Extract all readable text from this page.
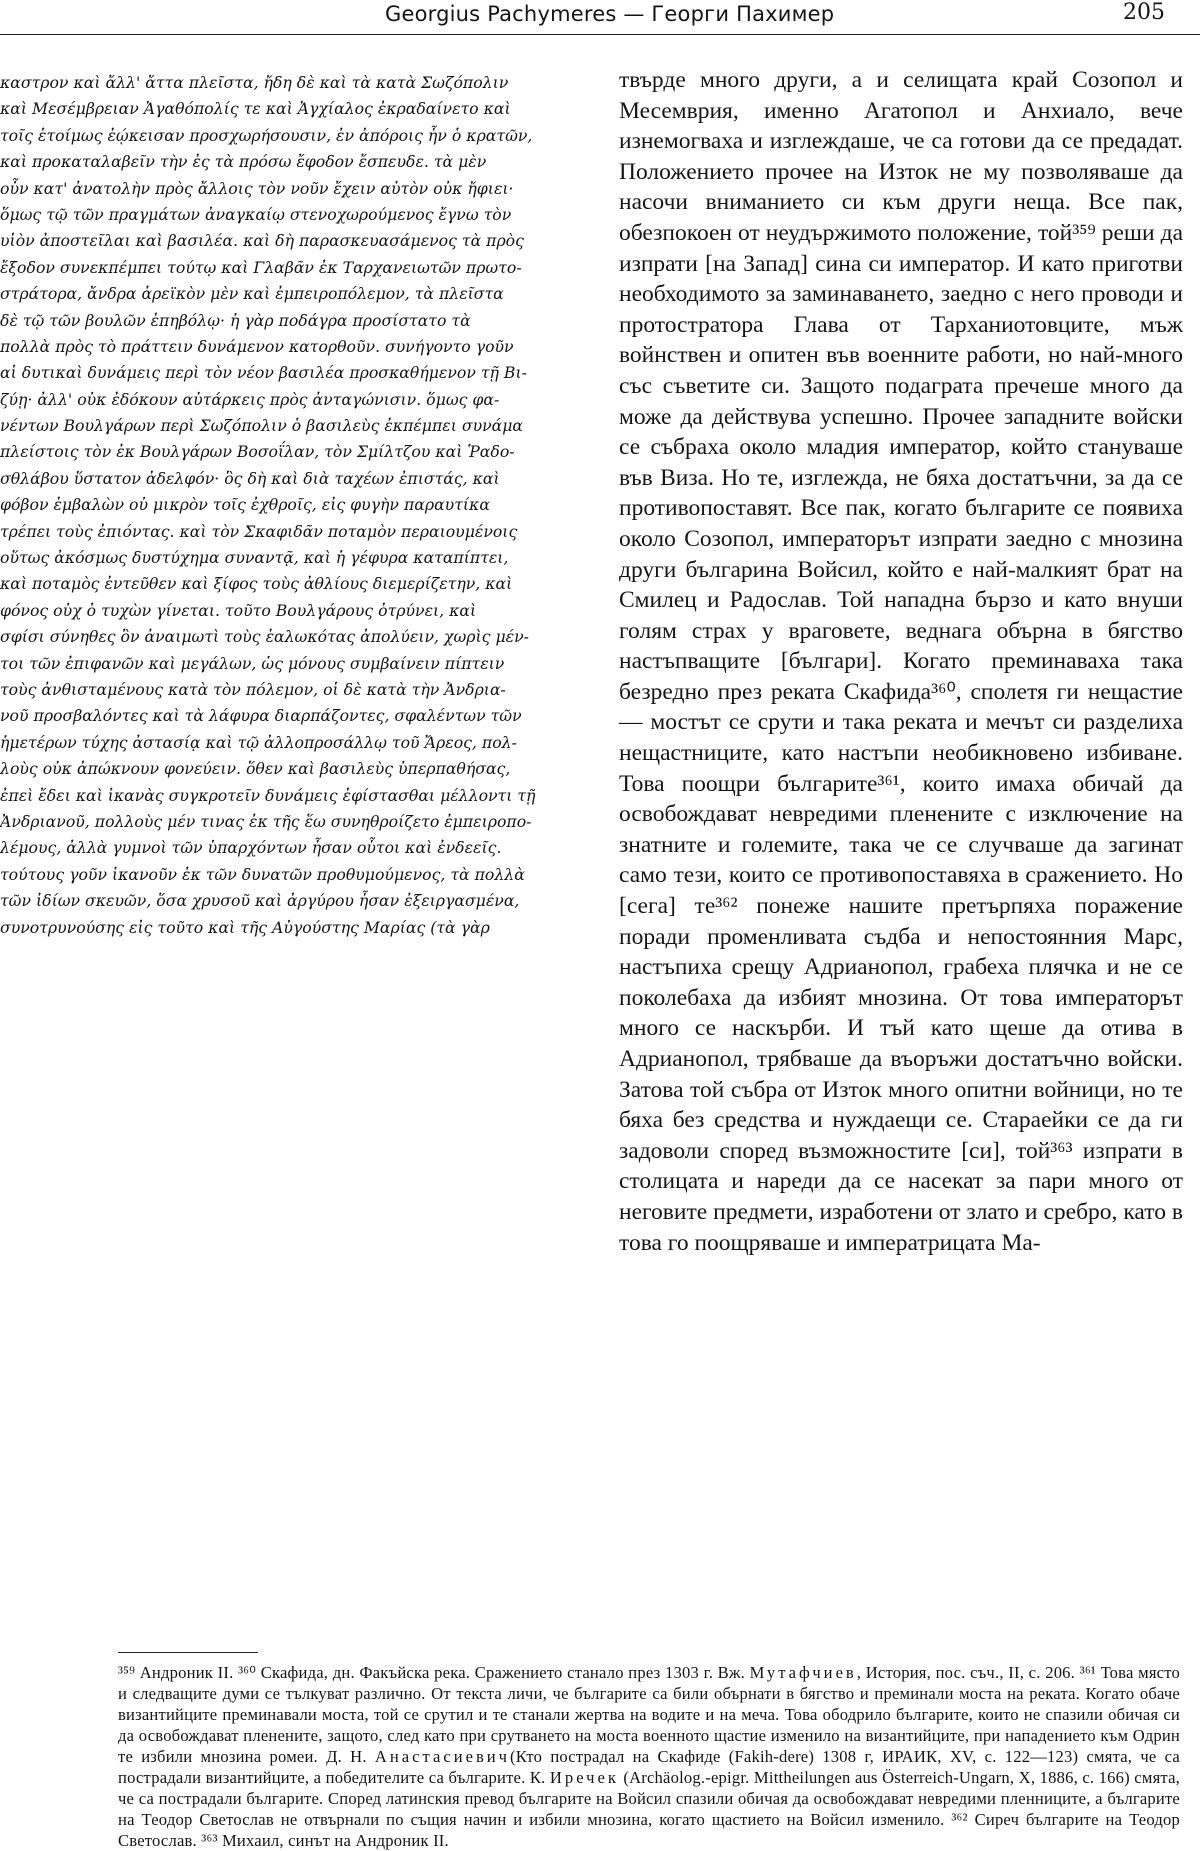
Georgius Pachymeres — Георги Пахимер	205
καστρον καὶ ἄλλ' ἄττα πλεῖστα, ἤδη δὲ καὶ τὰ κατὰ Σωζόπολιν
καὶ Μεσέμβρειαν Ἀγαθόπολίς τε καὶ Ἀγχίαλος ἐκραδαίνετο καὶ
τοῖς ἑτοίμως ἐῴκεισαν προσχωρήσουσιν, ἐν ἀπόροις ἦν ὁ κρατῶν,
καὶ προκαταλαβεῖν τὴν ἐς τὰ πρόσω ἔφοδον ἔσπευδε. τὰ μὲν
οὖν κατ' ἀνατολὴν πρὸς ἄλλοις τὸν νοῦν ἔχειν αὐτὸν οὐκ ἤφιει·
ὅμως τῷ τῶν πραγμάτων ἀναγκαίῳ στενοχωρούμενος ἔγνω τὸν
υἱὸν ἀποστεῖλαι καὶ βασιλέα. καὶ δὴ παρασκευασάμενος τὰ πρὸς
ἔξοδον συνεκπέμπει τούτῳ καὶ Γλαβᾶν ἐκ Ταρχανειωτῶν πρωτο-
στράτορα, ἄνδρα ἀρεϊκὸν μὲν καὶ ἐμπειροπόλεμον, τὰ πλεῖστα
δὲ τῷ τῶν βουλῶν ἐπηβόλῳ· ἡ γὰρ ποδάγρα προσίστατο τὰ
πολλὰ πρὸς τὸ πράττειν δυνάμενον κατορθοῦν. συνήγοντο γοῦν
αἱ δυτικαὶ δυνάμεις περὶ τὸν νέον βασιλέα προσκαθήμενον τῇ Βι-
ζύῃ· ἀλλ' οὐκ ἐδόκουν αὐτάρκεις πρὸς ἀνταγώνισιν. ὅμως φα-
νέντων Βουλγάρων περὶ Σωζόπολιν ὁ βασιλεὺς ἐκπέμπει συνάμα
πλείστοις τὸν ἐκ Βουλγάρων Βοσοΐλαν, τὸν Σμίλτζου καὶ Ῥαδο-
σθλάβου ὕστατον ἀδελφόν· ὃς δὴ καὶ διὰ ταχέων ἐπιστάς, καὶ
φόβον ἐμβαλὼν οὐ μικρὸν τοῖς ἐχθροῖς, εἰς φυγὴν παραυτίκα
τρέπει τοὺς ἐπιόντας. καὶ τὸν Σκαφιδᾶν ποταμὸν περαιουμένοις
οὕτως ἀκόσμως δυστύχημα συναντᾷ, καὶ ἡ γέφυρα καταπίπτει,
καὶ ποταμὸς ἐντεῦθεν καὶ ξίφος τοὺς ἀθλίους διεμερίζετην, καὶ
φόνος οὐχ ὁ τυχὼν γίνεται. τοῦτο Βουλγάρους ὀτρύνει, καὶ
σφίσι σύνηθες ὂν ἀναιμωτὶ τοὺς ἑαλωκότας ἀπολύειν, χωρὶς μέν-
τοι τῶν ἐπιφανῶν καὶ μεγάλων, ὡς μόνους συμβαίνειν πίπτειν
τοὺς ἀνθισταμένους κατὰ τὸν πόλεμον, οἱ δὲ κατὰ τὴν Ἀνδρια-
νοῦ προσβαλόντες καὶ τὰ λάφυρα διαρπάζοντες, σφαλέντων τῶν
ἡμετέρων τύχης ἀστασίᾳ καὶ τῷ ἀλλοπροσάλλῳ τοῦ Ἄρεος, πολ-
λοὺς οὐκ ἀπώκνουν φονεύειν. ὅθεν καὶ βασιλεὺς ὑπερπαθήσας,
ἐπεὶ ἔδει καὶ ἱκανὰς συγκροτεῖν δυνάμεις ἐφίστασθαι μέλλοντι τῇ
Ἀνδριανοῦ, πολλοὺς μέν τινας ἐκ τῆς ἕω συνηθροίζετο ἐμπειροπο-
λέμους, ἀλλὰ γυμνοὶ τῶν ὑπαρχόντων ἦσαν οὗτοι καὶ ἐνδεεῖς.
τούτους γοῦν ἱκανοῦν ἐκ τῶν δυνατῶν προθυμούμενος, τὰ πολλὰ
τῶν ἰδίων σκευῶν, ὅσα χρυσοῦ καὶ ἀργύρου ἦσαν ἐξειργασμένα,
συνοτρυνούσης εἰς τοῦτο καὶ τῆς Αὐγούστης Μαρίας (τὰ γὰρ

твърде много други, а и селищата край Созопол и Месемврия, именно Агатопол и Анхиало, вече изнемогваха и изглеждаше, че са готови да се предадат. Положението прочее на Изток не му позволяваше да насочи вниманието си към други неща. Все пак, обезпокоен от неудържимото положение, той³⁵⁹ реши да изпрати [на Запад] сина си император. И като приготви необходимото за заминаването, заедно с него проводи и протостратора Глава от Тарханиотовците, мъж войнствен и опитен във военните работи, но най-много със съветите си. Защото подаграта пречеше много да може да действува успешно. Прочее западните войски се събраха около младия император, който стануваше във Виза. Но те, изглежда, не бяха достатъчни, за да се противопоставят. Все пак, когато българите се появиха около Созопол, императорът изпрати заедно с мнозина други българина Войсил, който е най-малкият брат на Смилец и Радослав. Той нападна бързо и като внуши голям страх у враговете, веднага обърна в бягство настъпващите [българи]. Когато преминаваха така безредно през реката Скафида³⁶⁰, сполетя ги нещастие — мостът се срути и така реката и мечът си разделиха нещастниците, като настъпи необикновено избиване. Това поощри българите³⁶¹, които имаха обичай да освобождават невредими пленените с изключение на знатните и големите, така че се случваше да загинат само тези, които се противопоставяха в сражението. Но [сега] те³⁶² понеже нашите претърпяха поражение поради променливата съдба и непостоянния Марс, настъпиха срещу Адрианопол, грабеха плячка и не се поколебаха да избият мнозина. От това императорът много се наскърби. И тъй като щеше да отива в Адрианопол, трябваше да въоръжи достатъчно войски. Затова той събра от Изток много опитни войници, но те бяха без средства и нуждаещи се. Старaейки се да ги задоволи според възможностите [си], той³⁶³ изпрати в столицата и нареди да се насекат за пари много от неговите предмети, изработени от злато и сребро, като в това го поощряваше и императрицата Ма-

³⁵⁹ Андроник II. ³⁶⁰ Скафида, дн. Факъйска река. Сражението станало през 1303 г. Вж. Мутафчиев, История, пос. съч., II, с. 206. ³⁶¹ Това място и следващите думи се тълкуват различно. От текста личи, че българите са били обърнати в бягство и преминали моста на реката. Когато обаче византийците преминавали моста, той се срутил и те станали жертва на водите и на меча. Това ободрило българите, които не спазили обичая си да освобождават пленените, защото, след като при срутването на моста военното щастие изменило на византийците, при нападението към Одрин те избили мнозина ромеи. Д. Н. Анастасиевич(Кто пострадал на Скафиде (Fakih-dere) 1308 г, ИРАИК, XV, с. 122—123) смята, че са пострадали византийците, а победителите са българите. К. Иречек (Archäolog.-epigr. Mittheilungen aus Österreich-Ungarn, X, 1886, с. 166) смята, че са пострадали българите. Според латинския превод българите на Войсил спазили обичая да освобождават невредими пленниците, а българите на Теодор Светослав не отвърнали по същия начин и избили мнозина, когато щастието на Войсил изменило. ³⁶² Сиреч българите на Теодор Светослав. ³⁶³ Михаил, синът на Андроник II.
